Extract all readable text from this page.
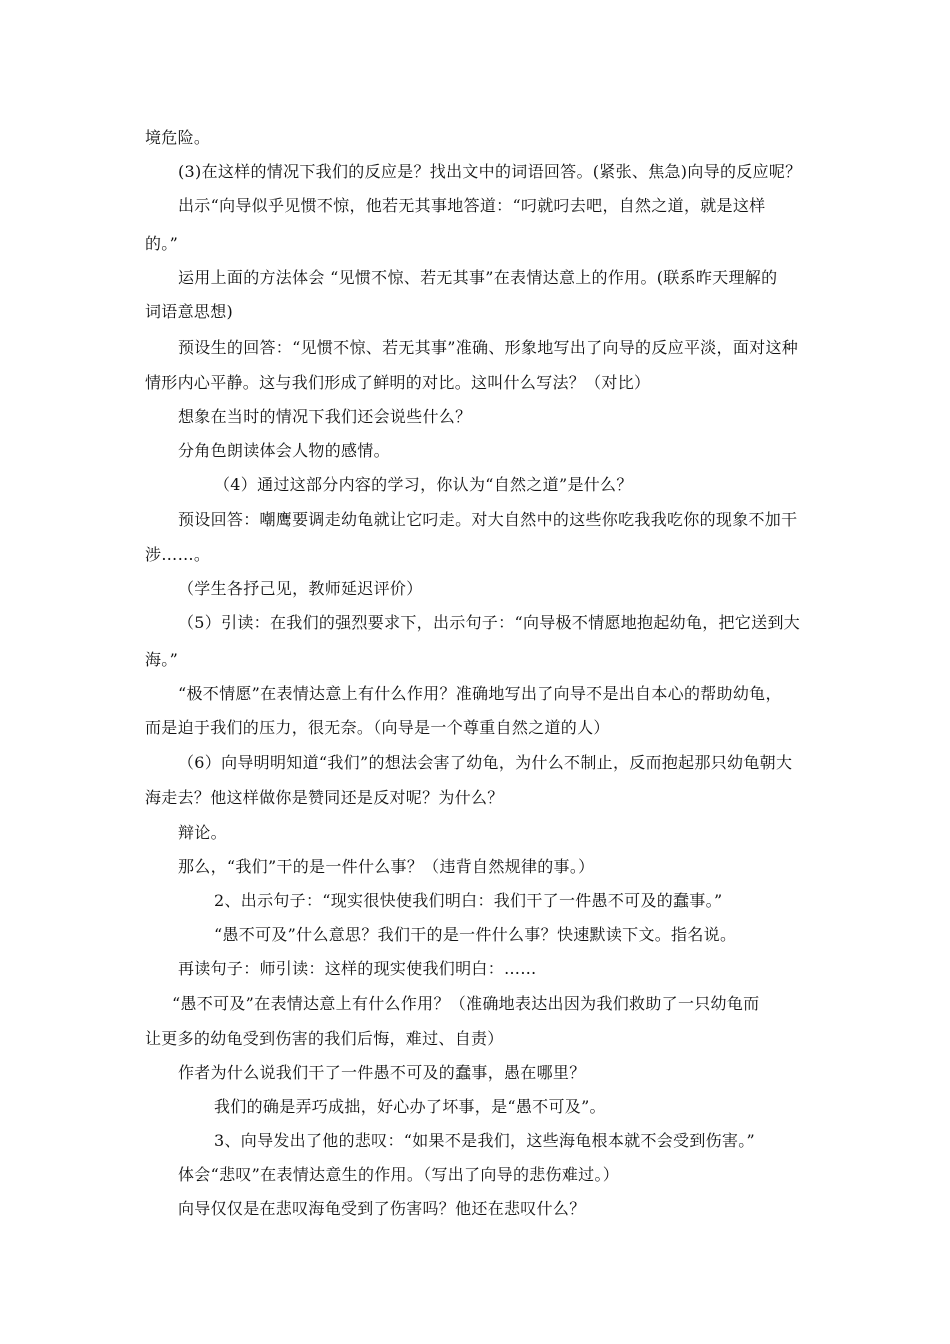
境危险。
(3)在这样的情况下我们的反应是？找出文中的词语回答。(紧张、焦急)向导的反应呢？
出示“向导似乎见惯不惊，他若无其事地答道：“叼就叼去吧，自然之道，就是这样
的。”
运用上面的方法体会 “见惯不惊、若无其事”在表情达意上的作用。(联系昨天理解的
词语意思想)
预设生的回答：“见惯不惊、若无其事”准确、形象地写出了向导的反应平淡，面对这种
情形内心平静。这与我们形成了鲜明的对比。这叫什么写法？（对比）
想象在当时的情况下我们还会说些什么？
分角色朗读体会人物的感情。
（4）通过这部分内容的学习，你认为“自然之道”是什么？
预设回答：嘲鹰要调走幼龟就让它叼走。对大自然中的这些你吃我我吃你的现象不加干
涉……。
（学生各抒己见，教师延迟评价）
（5）引读：在我们的强烈要求下，出示句子：“向导极不情愿地抱起幼龟，把它送到大
海。”
“极不情愿”在表情达意上有什么作用？准确地写出了向导不是出自本心的帮助幼龟，
而是迫于我们的压力，很无奈。（向导是一个尊重自然之道的人）
（6）向导明明知道“我们”的想法会害了幼龟，为什么不制止，反而抱起那只幼龟朝大
海走去？他这样做你是赞同还是反对呢？为什么？
辩论。
那么，“我们”干的是一件什么事？（违背自然规律的事。）
2、出示句子：“现实很快使我们明白：我们干了一件愚不可及的蠢事。”
“愚不可及”什么意思？我们干的是一件什么事？快速默读下文。指名说。
再读句子：师引读：这样的现实使我们明白：……
“愚不可及”在表情达意上有什么作用？（准确地表达出因为我们救助了一只幼龟而
让更多的幼龟受到伤害的我们后悔，难过、自责）
作者为什么说我们干了一件愚不可及的蠢事，愚在哪里？
我们的确是弄巧成拙，好心办了坏事，是“愚不可及”。
3、向导发出了他的悲叹：“如果不是我们，这些海龟根本就不会受到伤害。”
体会“悲叹”在表情达意生的作用。（写出了向导的悲伤难过。）
向导仅仅是在悲叹海龟受到了伤害吗？他还在悲叹什么？
